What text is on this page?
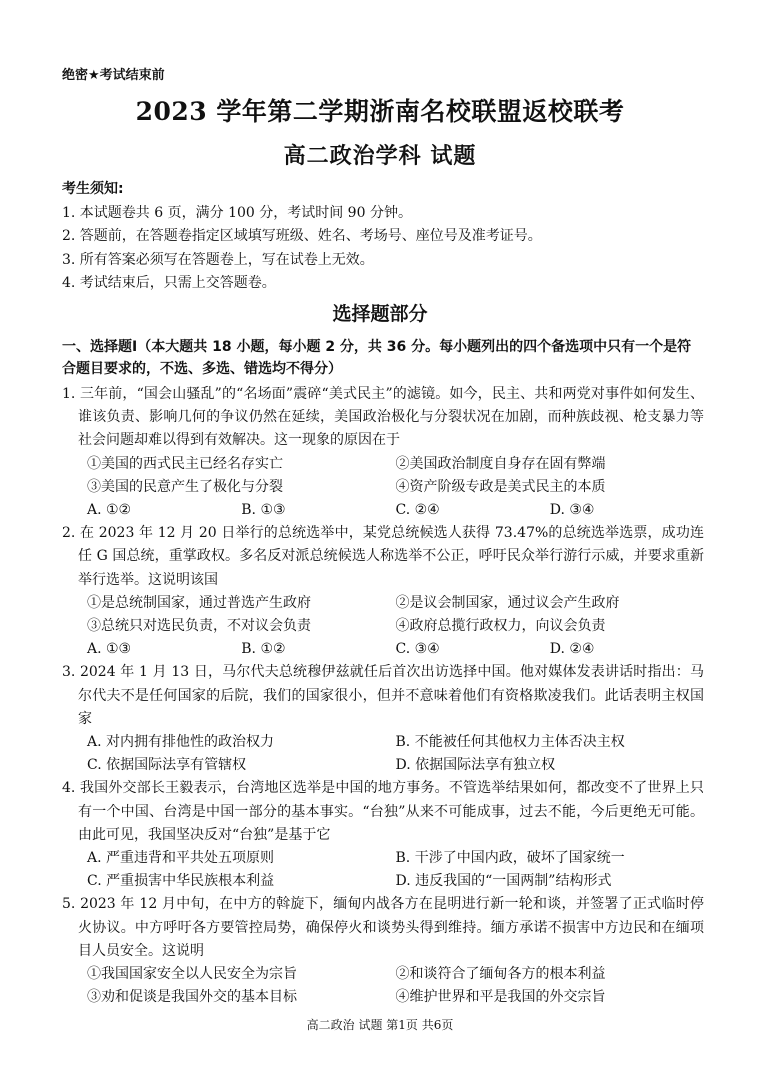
绝密★考试结束前
2023 学年第二学期浙南名校联盟返校联考
高二政治学科 试题
考生须知:
1. 本试题卷共 6 页，满分 100 分，考试时间 90 分钟。
2. 答题前，在答题卷指定区域填写班级、姓名、考场号、座位号及准考证号。
3. 所有答案必须写在答题卷上，写在试卷上无效。
4. 考试结束后，只需上交答题卷。
选择题部分
一、选择题Ⅰ（本大题共 18 小题，每小题 2 分，共 36 分。每小题列出的四个备选项中只有一个是符合题目要求的，不选、多选、错选均不得分）
1. 三年前，“国会山骚乱”的“名场面”震碎“美式民主”的滤镜。如今，民主、共和两党对事件如何发生、谁该负责、影响几何的争议仍然在延续，美国政治极化与分裂状况在加剧，而种族歧视、枪支暴力等社会问题却难以得到有效解决。这一现象的原因在于
①美国的西式民主已经名存实亡	②美国政治制度自身存在固有弊端
③美国的民意产生了极化与分裂	④资产阶级专政是美式民主的本质
A. ①②	B. ①③	C. ②④	D. ③④
2. 在 2023 年 12 月 20 日举行的总统选举中，某党总统候选人获得 73.47%的总统选举选票，成功连任 G 国总统，重掌政权。多名反对派总统候选人称选举不公正，呼吁民众举行游行示威，并要求重新举行选举。这说明该国
①是总统制国家，通过普选产生政府	②是议会制国家，通过议会产生政府
③总统只对选民负责，不对议会负责	④政府总揽行政权力，向议会负责
A. ①③	B. ①②	C. ③④	D. ②④
3. 2024 年 1 月 13 日，马尔代夫总统穆伊兹就任后首次出访选择中国。他对媒体发表讲话时指出：马尔代夫不是任何国家的后院，我们的国家很小，但并不意味着他们有资格欺凌我们。此话表明主权国家
A. 对内拥有排他性的政治权力	B. 不能被任何其他权力主体否决主权
C. 依据国际法享有管辖权	D. 依据国际法享有独立权
4. 我国外交部长王毅表示，台湾地区选举是中国的地方事务。不管选举结果如何，都改变不了世界上只有一个中国、台湾是中国一部分的基本事实。“台独”从来不可能成事，过去不能，今后更绝无可能。由此可见，我国坚决反对“台独”是基于它
A. 严重违背和平共处五项原则	B. 干涉了中国内政，破坏了国家统一
C. 严重损害中华民族根本利益	D. 违反我国的“一国两制”结构形式
5. 2023 年 12 月中旬，在中方的斡旋下，缅甸内战各方在昆明进行新一轮和谈，并签署了正式临时停火协议。中方呼吁各方要管控局势，确保停火和谈势头得到维持。缅方承诺不损害中方边民和在缅项目人员安全。这说明
①我国国家安全以人民安全为宗旨	②和谈符合了缅甸各方的根本利益
③劝和促谈是我国外交的基本目标	④维护世界和平是我国的外交宗旨
高二政治 试题 第1页 共6页
